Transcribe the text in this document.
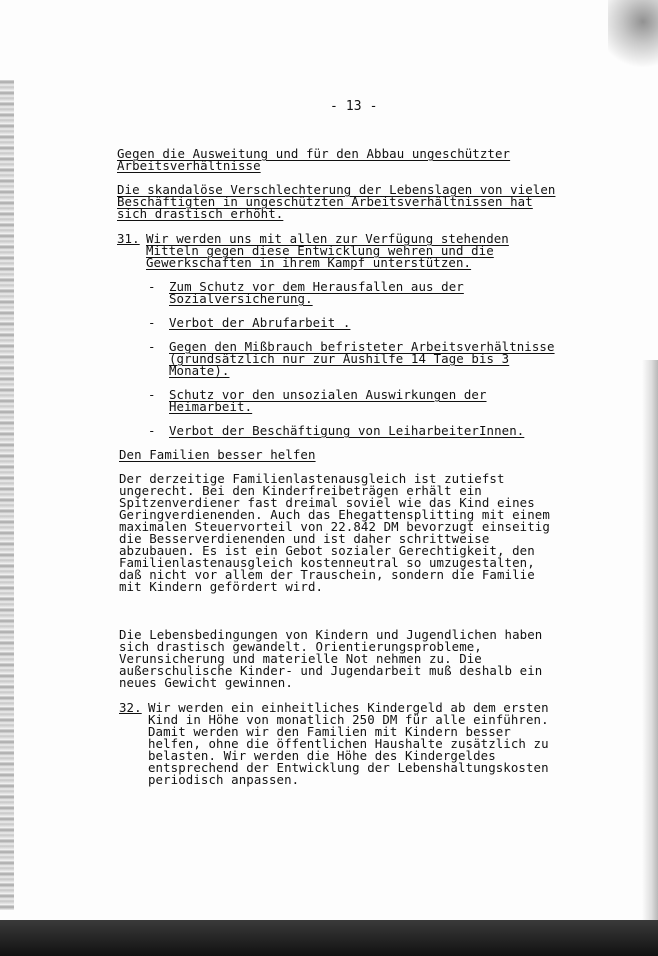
- 13 -
Gegen die Ausweitung und für den Abbau ungeschützter
Arbeitsverhältnisse
Die skandalöse Verschlechterung der Lebenslagen von vielen
Beschäftigten in ungeschützten Arbeitsverhältnissen hat
sich drastisch erhöht.
31. Wir werden uns mit allen zur Verfügung stehenden
Mitteln gegen diese Entwicklung wehren und die
Gewerkschaften in ihrem Kampf unterstützen.
- Zum Schutz vor dem Herausfallen aus der
Sozialversicherung.
- Verbot der Abrufarbeit .
- Gegen den Mißbrauch befristeter Arbeitsverhältnisse
(grundsätzlich nur zur Aushilfe 14 Tage bis 3
Monate).
- Schutz vor den unsozialen Auswirkungen der
Heimarbeit.
- Verbot der Beschäftigung von LeiharbeiterInnen.
Den Familien besser helfen
Der derzeitige Familienlastenausgleich ist zutiefst
ungerecht. Bei den Kinderfreibeträgen erhält ein
Spitzenverdiener fast dreimal soviel wie das Kind eines
Geringverdienenden. Auch das Ehegattensplitting mit einem
maximalen Steuervorteil von 22.842 DM bevorzugt einseitig
die Besserverdienenden und ist daher schrittweise
abzubauen. Es ist ein Gebot sozialer Gerechtigkeit, den
Familienlastenausgleich kostenneutral so umzugestalten,
daß nicht vor allem der Trauschein, sondern die Familie
mit Kindern gefördert wird.
Die Lebensbedingungen von Kindern und Jugendlichen haben
sich drastisch gewandelt. Orientierungsprobleme,
Verunsicherung und materielle Not nehmen zu. Die
außerschulische Kinder- und Jugendarbeit muß deshalb ein
neues Gewicht gewinnen.
32. Wir werden ein einheitliches Kindergeld ab dem ersten
Kind in Höhe von monatlich 250 DM für alle einführen.
Damit werden wir den Familien mit Kindern besser
helfen, ohne die öffentlichen Haushalte zusätzlich zu
belasten. Wir werden die Höhe des Kindergeldes
entsprechend der Entwicklung der Lebenshaltungskosten
periodisch anpassen.
